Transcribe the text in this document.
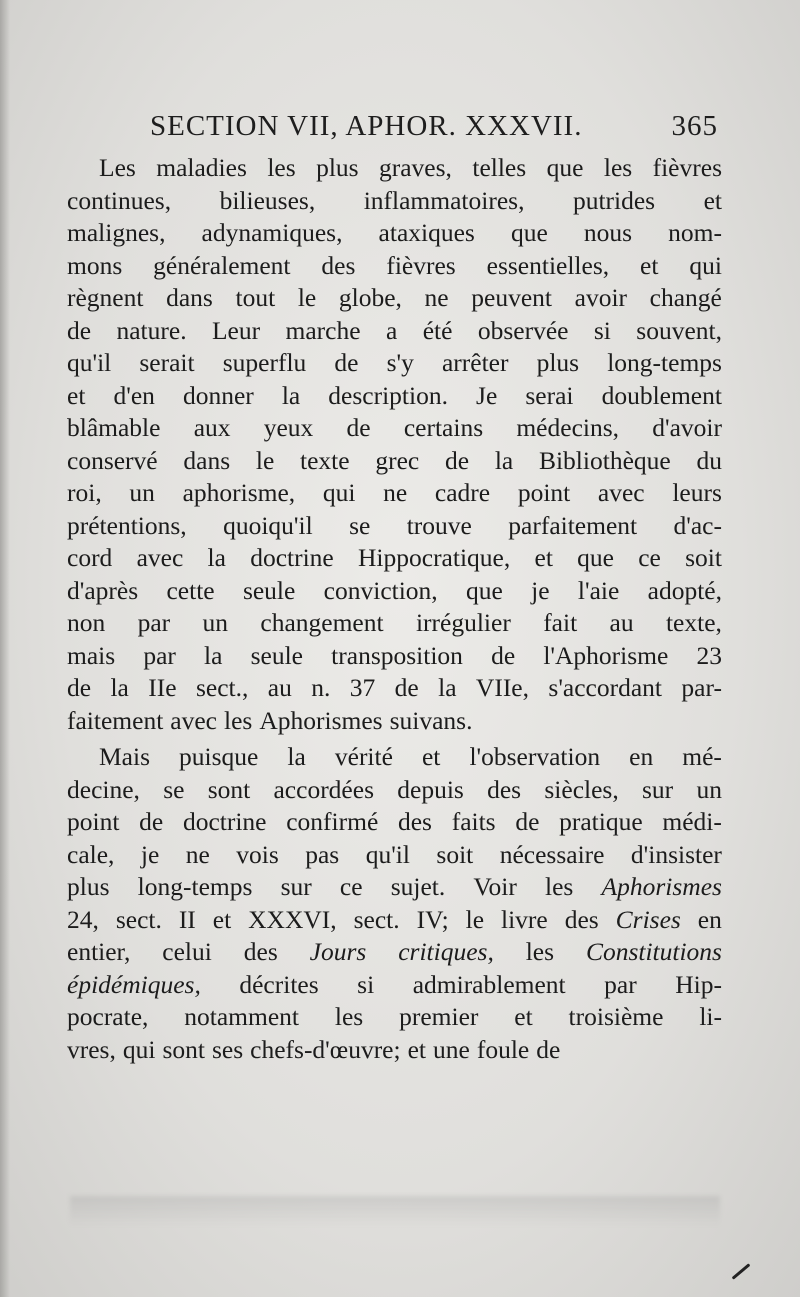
SECTION VII, APHOR. XXXVII.	365
Les maladies les plus graves, telles que les fièvres
continues, bilieuses, inflammatoires, putrides et
malignes, adynamiques, ataxiques que nous nom-
mons généralement des fièvres essentielles, et qui
règnent dans tout le globe, ne peuvent avoir changé
de nature. Leur marche a été observée si souvent,
qu'il serait superflu de s'y arrêter plus long-temps
et d'en donner la description. Je serai doublement
blâmable aux yeux de certains médecins, d'avoir
conservé dans le texte grec de la Bibliothèque du
roi, un aphorisme, qui ne cadre point avec leurs
prétentions, quoiqu'il se trouve parfaitement d'ac-
cord avec la doctrine Hippocratique, et que ce soit
d'après cette seule conviction, que je l'aie adopté,
non par un changement irrégulier fait au texte,
mais par la seule transposition de l'Aphorisme 23
de la IIe sect., au n. 37 de la VIIe, s'accordant par-
faitement avec les Aphorismes suivans.
Mais puisque la vérité et l'observation en mé-
decine, se sont accordées depuis des siècles, sur un
point de doctrine confirmé des faits de pratique médi-
cale, je ne vois pas qu'il soit nécessaire d'insister
plus long-temps sur ce sujet. Voir les Aphorismes
24, sect. II et XXXVI, sect. IV; le livre des Crises en
entier, celui des Jours critiques, les Constitutions
épidémiques, décrites si admirablement par Hip-
pocrate, notamment les premier et troisième li-
vres, qui sont ses chefs-d'œuvre; et une foule de
